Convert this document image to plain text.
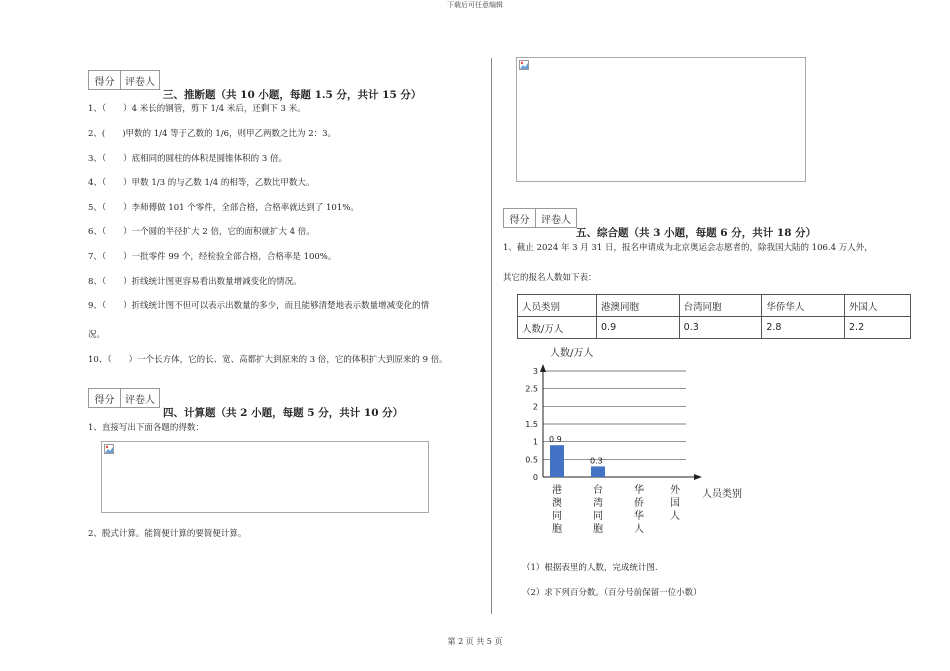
下载后可任意编辑
得分	评卷人
三、推断题（共 10 小题，每题 1.5 分，共计 15 分）
1、（　　）4 米长的钢管，剪下 1/4 米后，还剩下 3 米。
2、(　　)甲数的 1/4 等于乙数的 1/6，则甲乙两数之比为 2：3。
3、（　　）底相同的圆柱的体积是圆锥体积的 3 倍。
4、（　　）甲数 1/3 的与乙数 1/4 的相等，乙数比甲数大。
5、（　　）李师傅做 101 个零件，全部合格，合格率就达到了 101%。
6、（　　）一个圆的半径扩大 2 倍，它的面积就扩大 4 倍。
7、（　　）一批零件 99 个，经检验全部合格，合格率是 100%。
8、（　　）折线统计图更容易看出数量增减变化的情况。
9、（　　）折线统计图不但可以表示出数量的多少，而且能够清楚地表示数量增减变化的情
况。
10、（　　）一个长方体，它的长、宽、高都扩大到原来的 3 倍，它的体积扩大到原来的 9 倍。
得分	评卷人
四、计算题（共 2 小题，每题 5 分，共计 10 分）
1、直接写出下面各题的得数：
2、脱式计算。能简便计算的要简便计算。
得分	评卷人
五、综合题（共 3 小题，每题 6 分，共计 18 分）
1、截止 2024 年 3 月 31 日，报名申请成为北京奥运会志愿者的，除我国大陆的 106.4 万人外，
其它的报名人数如下表：
人员类别	港澳同胞	台湾同胞	华侨华人	外国人
人数/万人	0.9	0.3	2.8	2.2
0
0.5
1
1.5
2
2.5
3
人数/万人
人员类别
0.9
港
澳
同
胞
0.3
台
湾
同
胞
华
侨
华
人
外
国
人
（1）根据表里的人数，完成统计图.
（2）求下列百分数。（百分号前保留一位小数）
第 2 页 共 5 页
